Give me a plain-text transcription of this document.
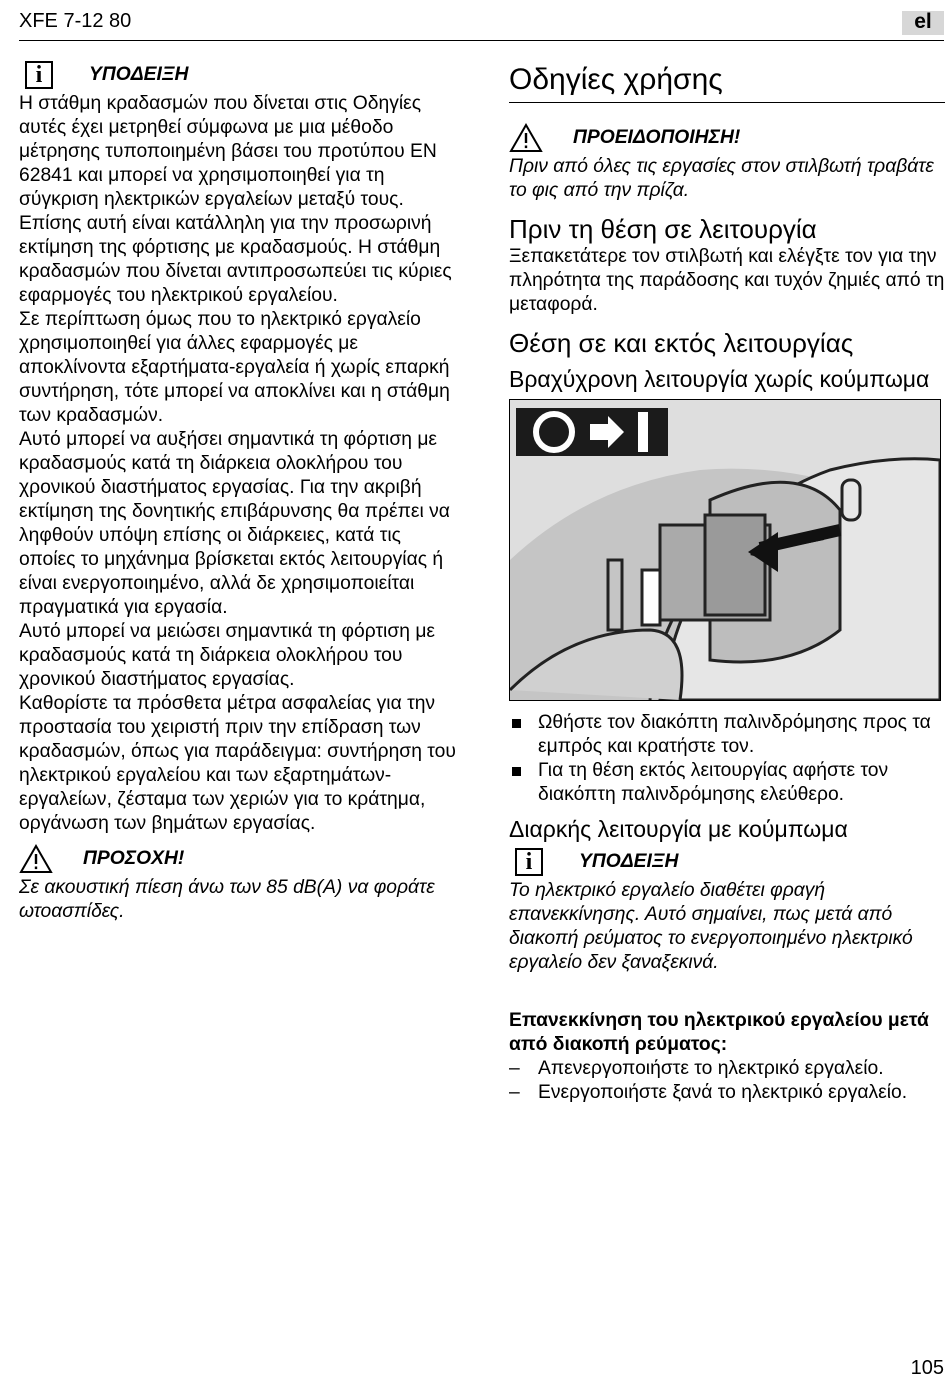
XFE 7-12 80	el
i	ΥΠΟΔΕΙΞΗ

Η στάθμη κραδασμών που δίνεται στις Οδηγίες αυτές έχει μετρηθεί σύμφωνα με μια μέθοδο μέτρησης τυποποιημένη βάσει του προτύπου EN 62841 και μπορεί να χρησιμοποιηθεί για τη σύγκριση ηλεκτρικών εργαλείων μεταξύ τους. Επίσης αυτή είναι κατάλληλη για την προσωρινή εκτίμηση της φόρτισης με κραδασμούς. Η στάθμη κραδασμών που δίνεται αντιπροσωπεύει τις κύριες εφαρμογές του ηλεκτρικού εργαλείου.

Σε περίπτωση όμως που το ηλεκτρικό εργαλείο χρησιμοποιηθεί για άλλες εφαρμογές με αποκλίνοντα εξαρτήματα-εργαλεία ή χωρίς επαρκή συντήρηση, τότε μπορεί να αποκλίνει και η στάθμη των κραδασμών.

Αυτό μπορεί να αυξήσει σημαντικά τη φόρτιση με κραδασμούς κατά τη διάρκεια ολοκλήρου του χρονικού διαστήματος εργασίας. Για την ακριβή εκτίμηση της δονητικής επιβάρυνσης θα πρέπει να ληφθούν υπόψη επίσης οι διάρκειες, κατά τις οποίες το μηχάνημα βρίσκεται εκτός λειτουργίας ή είναι ενεργοποιημένο, αλλά δε χρησιμοποιείται πραγματικά για εργασία.

Αυτό μπορεί να μειώσει σημαντικά τη φόρτιση με κραδασμούς κατά τη διάρκεια ολοκλήρου του χρονικού διαστήματος εργασίας.

Καθορίστε τα πρόσθετα μέτρα ασφαλείας για την προστασία του χειριστή πριν την επίδραση των κραδασμών, όπως για παράδειγμα: συντήρηση του ηλεκτρικού εργαλείου και των εξαρτημάτων-εργαλείων, ζέσταμα των χεριών για το κράτημα, οργάνωση των βημάτων εργασίας.

ΠΡΟΣΟΧΗ!

Σε ακουστική πίεση άνω των 85 dB(A) να φοράτε ωτοασπίδες.

Οδηγίες χρήσης
ΠΡΟΕΙΔΟΠΟΙΗΣΗ!

Πριν από όλες τις εργασίες στον στιλβωτή τραβάτε το φις από την πρίζα.

Πριν τη θέση σε λειτουργία

Ξεπακετάτερε τον στιλβωτή και ελέγξτε τον για την πληρότητα της παράδοσης και τυχόν ζημιές από τη μεταφορά.

Θέση σε και εκτός λειτουργίας
Βραχύχρονη λειτουργία χωρίς κούμπωμα
Ωθήστε τον διακόπτη παλινδρόμησης προς τα εμπρός και κρατήστε τον.
Για τη θέση εκτός λειτουργίας αφήστε τον διακόπτη παλινδρόμησης ελεύθερο.
Διαρκής λειτουργία με κούμπωμα
i	ΥΠΟΔΕΙΞΗ

Το ηλεκτρικό εργαλείο διαθέτει φραγή επανεκκίνησης. Αυτό σημαίνει, πως μετά από διακοπή ρεύματος το ενεργοποιημένο ηλεκτρικό εργαλείο δεν ξαναξεκινά.

Επανεκκίνηση του ηλεκτρικού εργαλείου μετά από διακοπή ρεύματος:

– Απενεργοποιήστε το ηλεκτρικό εργαλείο.
– Ενεργοποιήστε ξανά το ηλεκτρικό εργαλείο.
105
